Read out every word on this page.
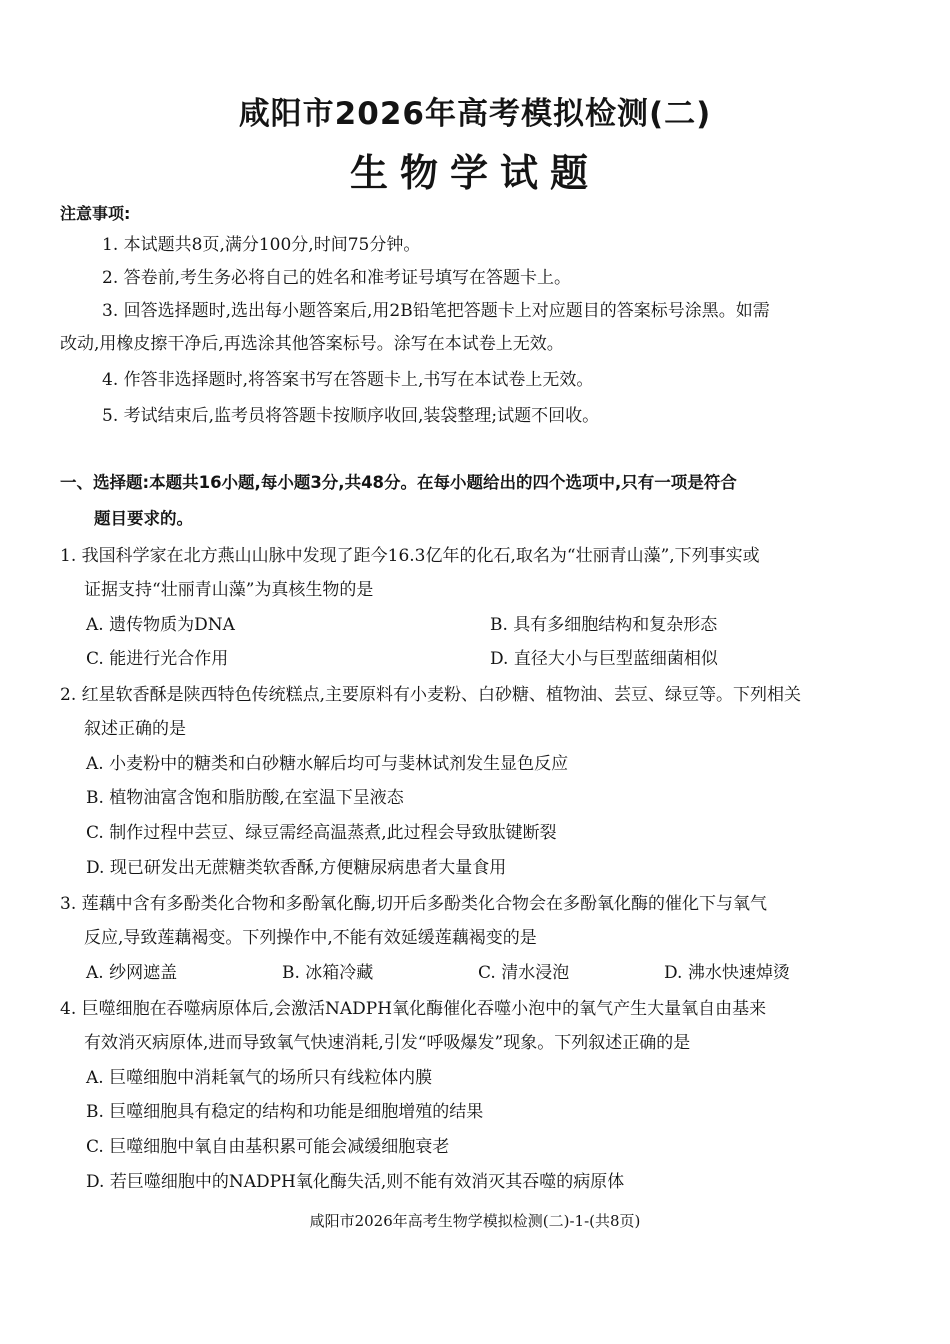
咸阳市2026年高考模拟检测(二)
生物学试题
注意事项:
1. 本试题共8页,满分100分,时间75分钟。
2. 答卷前,考生务必将自己的姓名和准考证号填写在答题卡上。
3. 回答选择题时,选出每小题答案后,用2B铅笔把答题卡上对应题目的答案标号涂黑。如需
改动,用橡皮擦干净后,再选涂其他答案标号。涂写在本试卷上无效。
4. 作答非选择题时,将答案书写在答题卡上,书写在本试卷上无效。
5. 考试结束后,监考员将答题卡按顺序收回,装袋整理;试题不回收。
一、选择题:本题共16小题,每小题3分,共48分。在每小题给出的四个选项中,只有一项是符合
题目要求的。
1. 我国科学家在北方燕山山脉中发现了距今16.3亿年的化石,取名为“壮丽青山藻”,下列事实或
证据支持“壮丽青山藻”为真核生物的是
A. 遗传物质为DNA	B. 具有多细胞结构和复杂形态
C. 能进行光合作用	D. 直径大小与巨型蓝细菌相似
2. 红星软香酥是陕西特色传统糕点,主要原料有小麦粉、白砂糖、植物油、芸豆、绿豆等。下列相关
叙述正确的是
A. 小麦粉中的糖类和白砂糖水解后均可与斐林试剂发生显色反应
B. 植物油富含饱和脂肪酸,在室温下呈液态
C. 制作过程中芸豆、绿豆需经高温蒸煮,此过程会导致肽键断裂
D. 现已研发出无蔗糖类软香酥,方便糖尿病患者大量食用
3. 莲藕中含有多酚类化合物和多酚氧化酶,切开后多酚类化合物会在多酚氧化酶的催化下与氧气
反应,导致莲藕褐变。下列操作中,不能有效延缓莲藕褐变的是
A. 纱网遮盖	B. 冰箱冷藏	C. 清水浸泡	D. 沸水快速焯烫
4. 巨噬细胞在吞噬病原体后,会激活NADPH氧化酶催化吞噬小泡中的氧气产生大量氧自由基来
有效消灭病原体,进而导致氧气快速消耗,引发“呼吸爆发”现象。下列叙述正确的是
A. 巨噬细胞中消耗氧气的场所只有线粒体内膜
B. 巨噬细胞具有稳定的结构和功能是细胞增殖的结果
C. 巨噬细胞中氧自由基积累可能会减缓细胞衰老
D. 若巨噬细胞中的NADPH氧化酶失活,则不能有效消灭其吞噬的病原体
咸阳市2026年高考生物学模拟检测(二)-1-(共8页)
